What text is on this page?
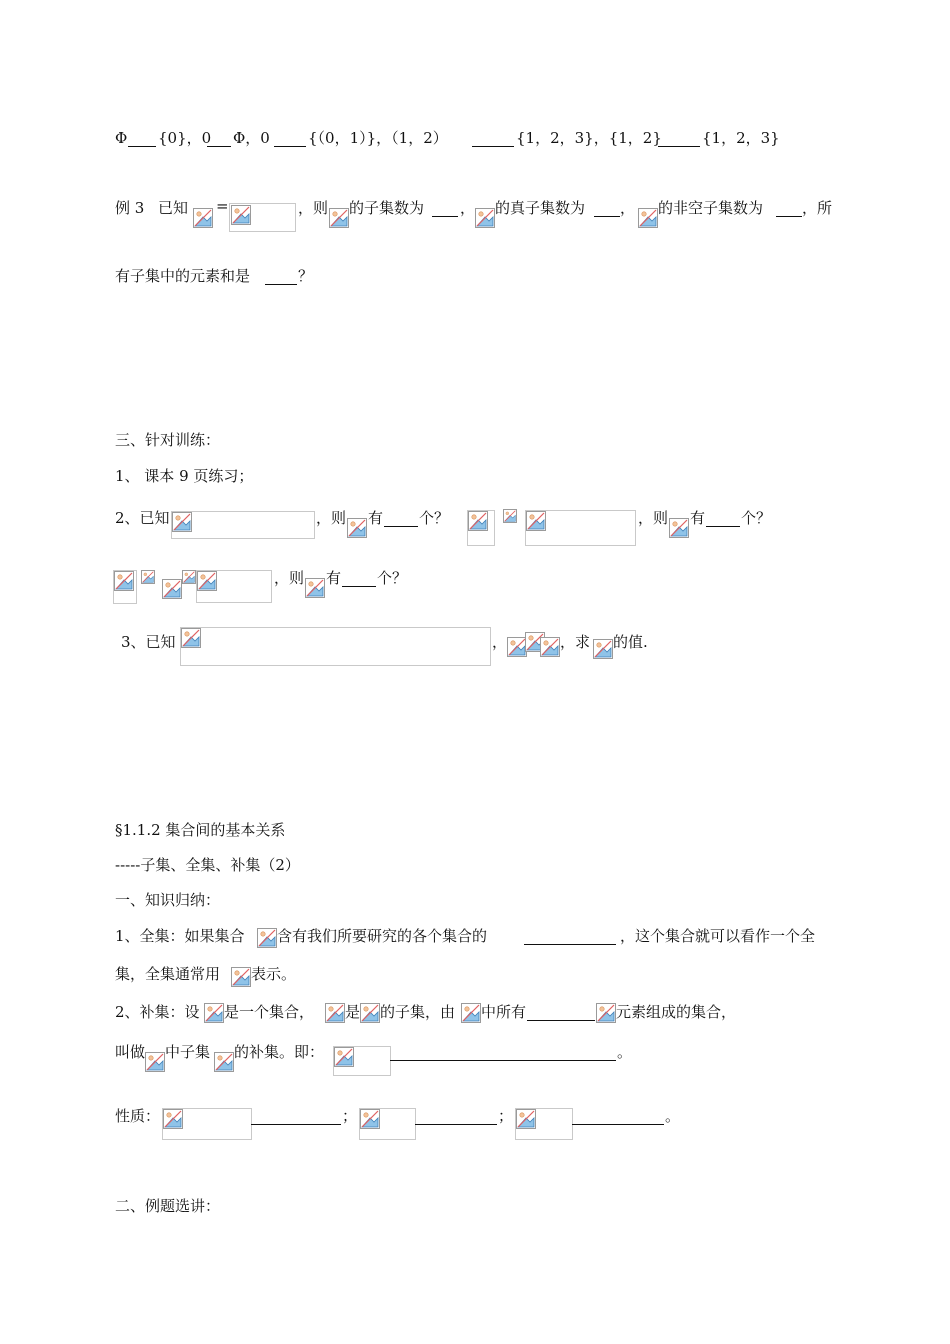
Φ {0}，0 Φ，0	{（0，1）}，（1，2）	{1，2，3}，{1，2}	{1，2，3}
例 3 已知 =	，则 的子集数为 ， 的真子集数为 ， 的非空子集数为	，所
有子集中的元素和是	？
三、针对训练：
1、 课本 9 页练习；
2、已知	，则 有 个？	，则 有 个？
，则 有 个？
3、已知	，	，求 的值.
§1.1.2 集合间的基本关系
-----子集、全集、补集（2）
一、知识归纳：
1、全集：如果集合 含有我们所要研究的各个集合的	，这个集合就可以看作一个全
集，全集通常用 表示。
2、补集：设 是一个集合， 是 的子集，由 中所有	元素组成的集合，
叫做 中子集 的补集。即：	。
性质：	；	；	。
二、例题选讲：
